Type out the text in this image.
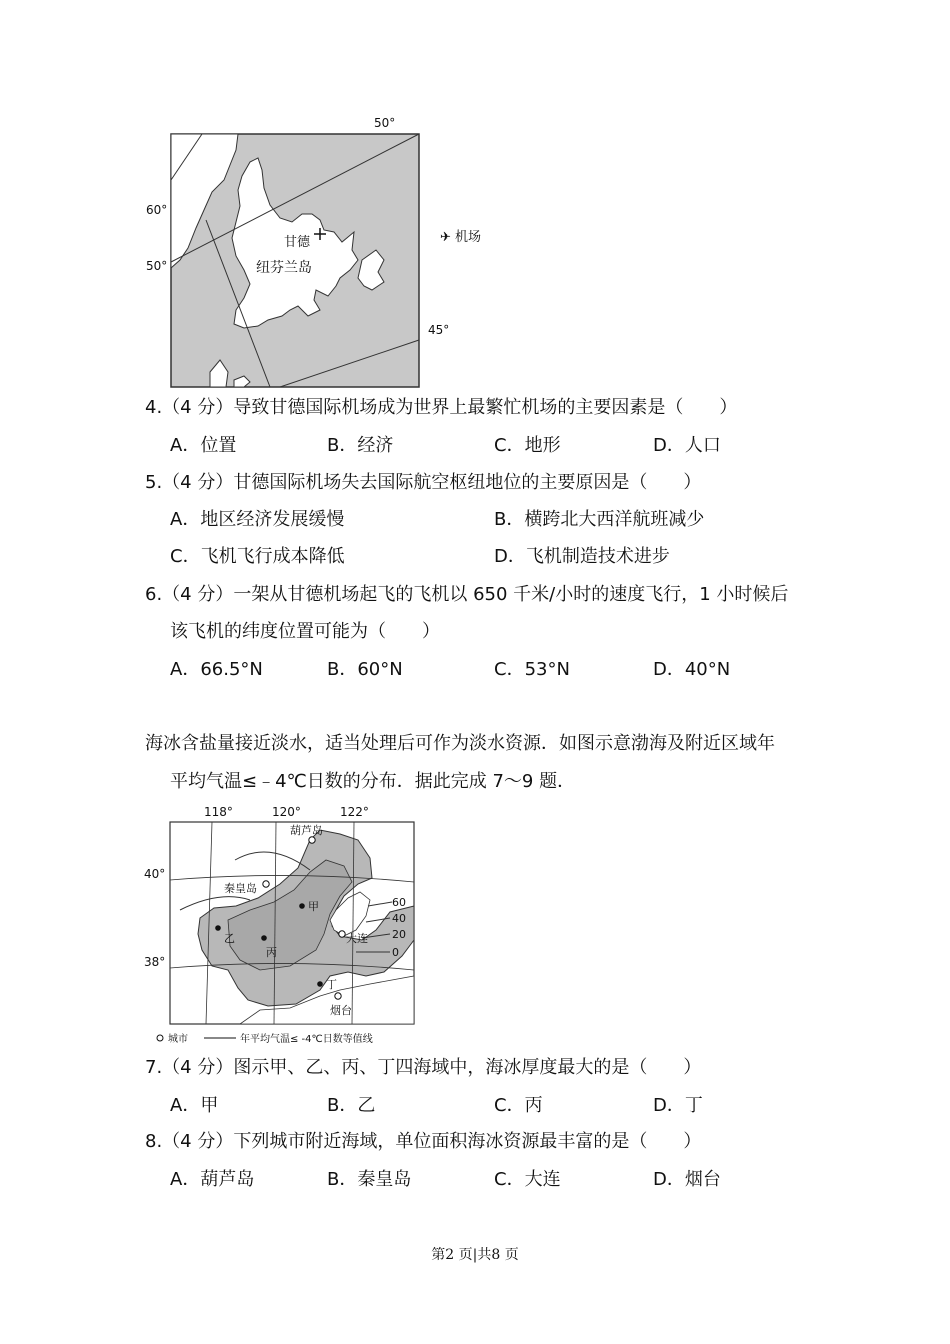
50°
60°
50°
45°
甘德
纽芬兰岛
✈ 机场
4.（4 分）导致甘德国际机场成为世界上最繁忙机场的主要因素是（　　）
A．位置	B．经济	C．地形	D．人口
5.（4 分）甘德国际机场失去国际航空枢纽地位的主要原因是（　　）
A．地区经济发展缓慢	B．横跨北大西洋航班减少
C．飞机飞行成本降低	D．飞机制造技术进步
6.（4 分）一架从甘德机场起飞的飞机以 650 千米/小时的速度飞行，1 小时候后
该飞机的纬度位置可能为（　　）
A．66.5°N	B．60°N	C．53°N	D．40°N
海冰含盐量接近淡水，适当处理后可作为淡水资源．如图示意渤海及附近区域年
平均气温≤﹣4℃日数的分布．据此完成 7～9 题．
118°	120°	122°
40°
38°
葫芦岛
秦皇岛
大连
烟台
甲
乙
丙
丁
60
40
20
0
城市	年平均气温≤ -4℃日数等值线
7.（4 分）图示甲、乙、丙、丁四海域中，海冰厚度最大的是（　　）
A．甲	B．乙	C．丙	D．丁
8.（4 分）下列城市附近海域，单位面积海冰资源最丰富的是（　　）
A．葫芦岛	B．秦皇岛	C．大连	D．烟台
第2 页|共8 页
